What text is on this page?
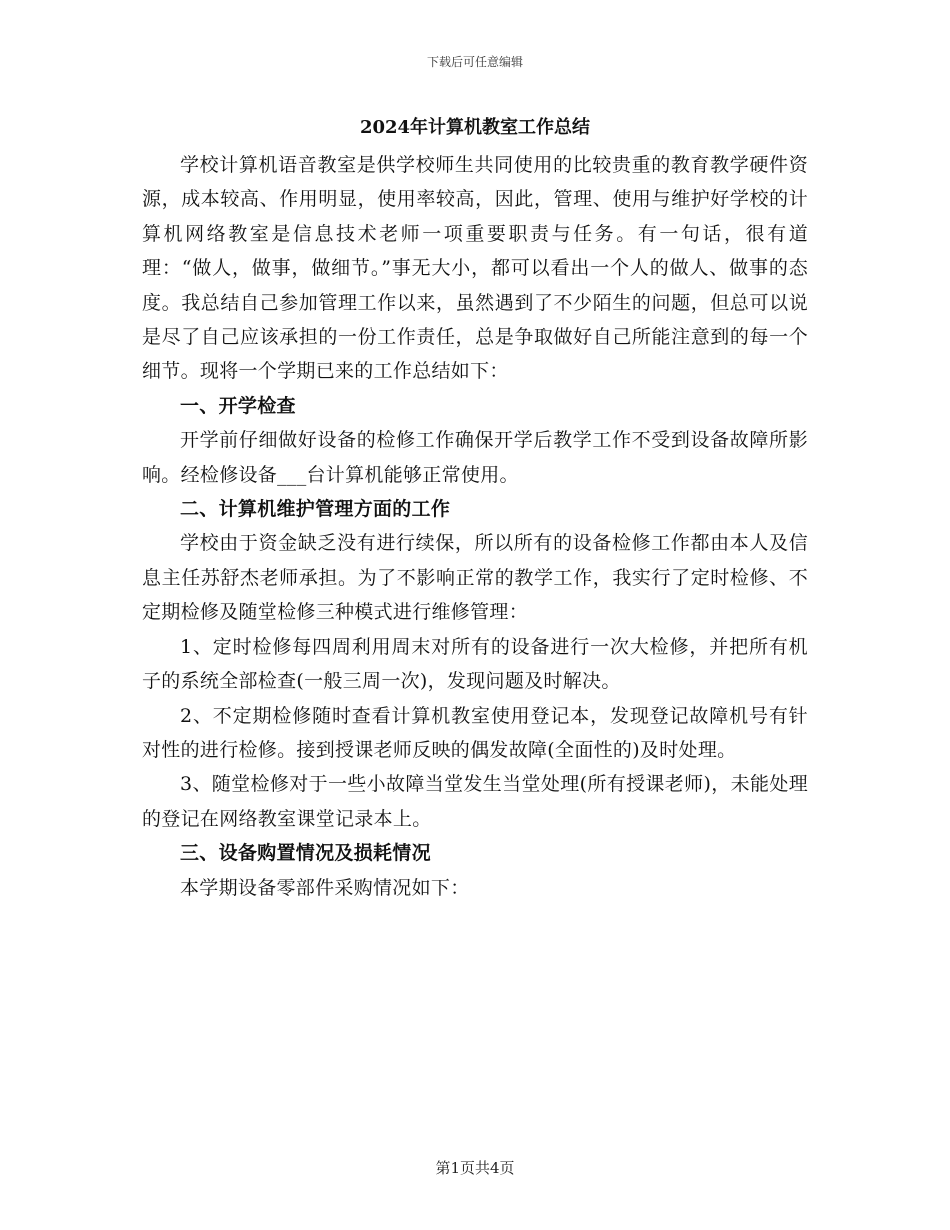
下载后可任意编辑
2024年计算机教室工作总结

学校计算机语音教室是供学校师生共同使用的比较贵重的教育教学硬件资源，成本较高、作用明显，使用率较高，因此，管理、使用与维护好学校的计算机网络教室是信息技术老师一项重要职责与任务。有一句话，很有道理：“做人，做事，做细节。”事无大小，都可以看出一个人的做人、做事的态度。我总结自己参加管理工作以来，虽然遇到了不少陌生的问题，但总可以说是尽了自己应该承担的一份工作责任，总是争取做好自己所能注意到的每一个细节。现将一个学期已来的工作总结如下：

一、开学检查

开学前仔细做好设备的检修工作确保开学后教学工作不受到设备故障所影响。经检修设备___台计算机能够正常使用。

二、计算机维护管理方面的工作

学校由于资金缺乏没有进行续保，所以所有的设备检修工作都由本人及信息主任苏舒杰老师承担。为了不影响正常的教学工作，我实行了定时检修、不定期检修及随堂检修三种模式进行维修管理：

1、定时检修每四周利用周末对所有的设备进行一次大检修，并把所有机子的系统全部检查(一般三周一次)，发现问题及时解决。

2、不定期检修随时查看计算机教室使用登记本，发现登记故障机号有针对性的进行检修。接到授课老师反映的偶发故障(全面性的)及时处理。

3、随堂检修对于一些小故障当堂发生当堂处理(所有授课老师)，未能处理的登记在网络教室课堂记录本上。

三、设备购置情况及损耗情况

本学期设备零部件采购情况如下：

第1页共4页
